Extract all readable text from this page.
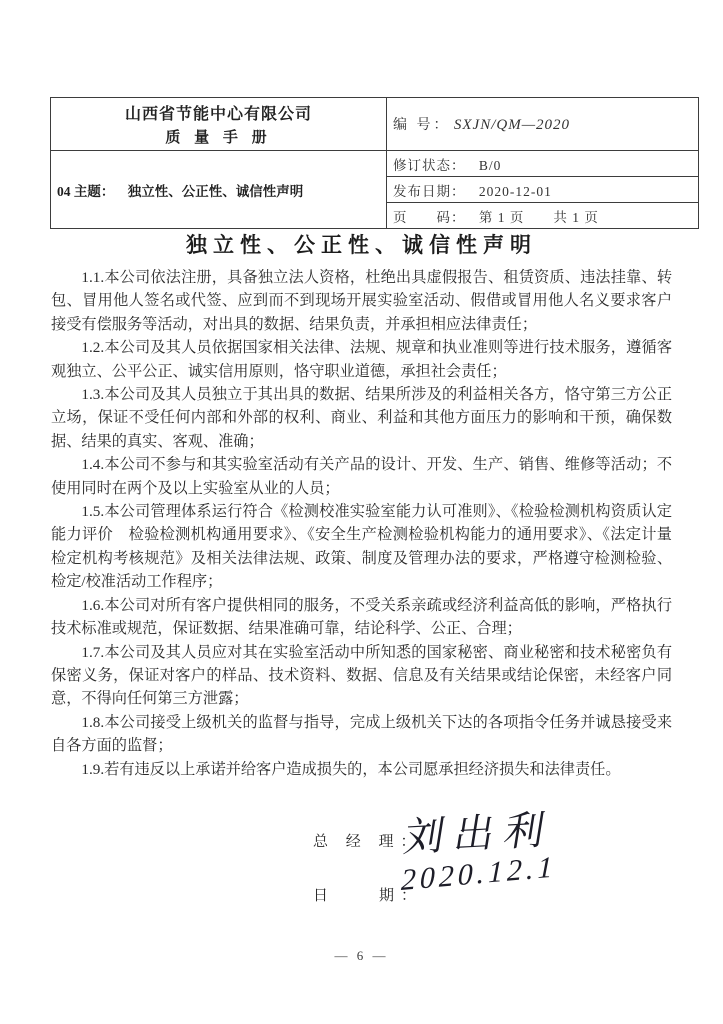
山西省节能中心有限公司
质 量 手 册	编 号： SXJN/QM—2020
04 主题： 独立性、公正性、诚信性声明	修订状态： B/0
	发布日期： 2020-12-01
	页　　码： 第 1 页　　共 1 页
独立性、公正性、诚信性声明

1.1.本公司依法注册，具备独立法人资格，杜绝出具虚假报告、租赁资质、违法挂靠、转包、冒用他人签名或代签、应到而不到现场开展实验室活动、假借或冒用他人名义要求客户接受有偿服务等活动，对出具的数据、结果负责，并承担相应法律责任；

1.2.本公司及其人员依据国家相关法律、法规、规章和执业准则等进行技术服务，遵循客观独立、公平公正、诚实信用原则，恪守职业道德，承担社会责任；

1.3.本公司及其人员独立于其出具的数据、结果所涉及的利益相关各方，恪守第三方公正立场，保证不受任何内部和外部的权利、商业、利益和其他方面压力的影响和干预，确保数据、结果的真实、客观、准确；

1.4.本公司不参与和其实验室活动有关产品的设计、开发、生产、销售、维修等活动；不使用同时在两个及以上实验室从业的人员；

1.5.本公司管理体系运行符合《检测校准实验室能力认可准则》、《检验检测机构资质认定能力评价　检验检测机构通用要求》、《安全生产检测检验机构能力的通用要求》、《法定计量检定机构考核规范》及相关法律法规、政策、制度及管理办法的要求，严格遵守检测检验、检定/校准活动工作程序；

1.6.本公司对所有客户提供相同的服务，不受关系亲疏或经济利益高低的影响，严格执行技术标准或规范，保证数据、结果准确可靠，结论科学、公正、合理；

1.7.本公司及其人员应对其在实验室活动中所知悉的国家秘密、商业秘密和技术秘密负有保密义务，保证对客户的样品、技术资料、数据、信息及有关结果或结论保密，未经客户同意，不得向任何第三方泄露；

1.8.本公司接受上级机关的监督与指导，完成上级机关下达的各项指令任务并诚恳接受来自各方面的监督；

1.9.若有违反以上承诺并给客户造成损失的，本公司愿承担经济损失和法律责任。

总 经 理：
刘出利
日　　期：
2020.12.1
— 6 —
